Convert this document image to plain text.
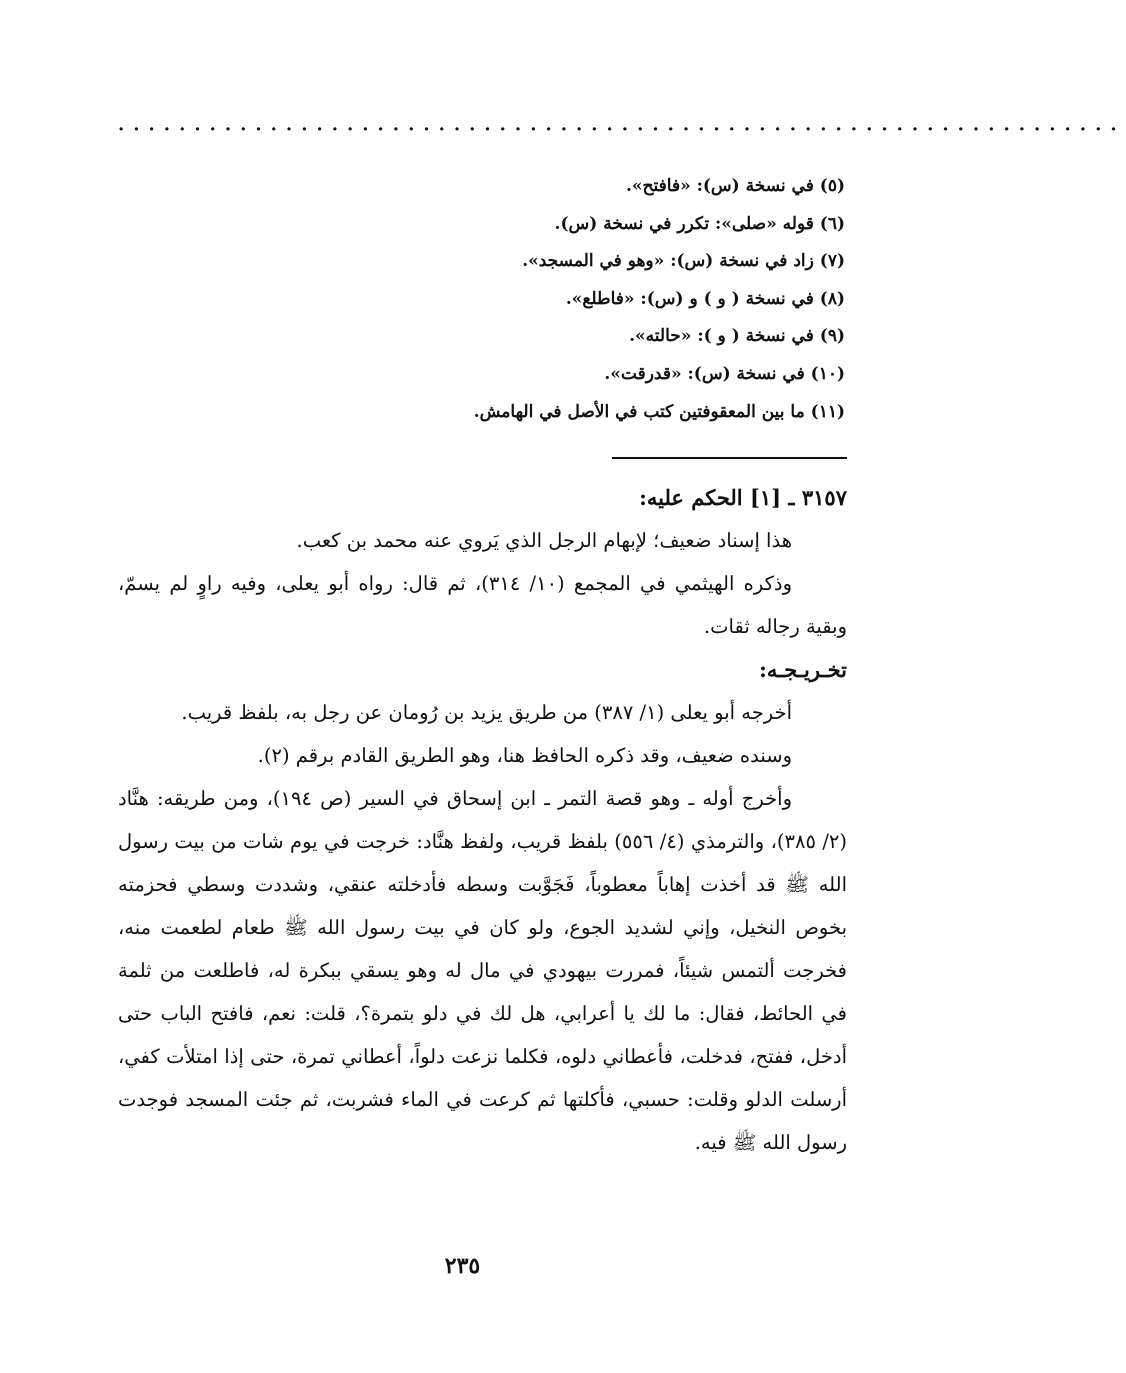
··································································
(٥) في نسخة (س): «فافتح».
(٦) قوله «صلى»: تكرر في نسخة (س).
(٧) زاد في نسخة (س): «وهو في المسجد».
(٨) في نسخة ( و ) و (س): «فاطلع».
(٩) في نسخة ( و ): «حالته».
(١٠) في نسخة (س): «قدرقت».
(١١) ما بين المعقوفتين كتب في الأصل في الهامش.

٣١٥٧ ـ [١] الحكم عليه:

هذا إسناد ضعيف؛ لإبهام الرجل الذي يَروي عنه محمد بن كعب.

وذكره الهيثمي في المجمع (١٠/ ٣١٤)، ثم قال: رواه أبو يعلى، وفيه راوٍ لم يسمّ، وبقية رجاله ثقات.

تخـريـجـه:

أخرجه أبو يعلى (١/ ٣٨٧) من طريق يزيد بن رُومان عن رجل به، بلفظ قريب.

وسنده ضعيف، وقد ذكره الحافظ هنا، وهو الطريق القادم برقم (٢).

وأخرج أوله ـ وهو قصة التمر ـ ابن إسحاق في السير (ص ١٩٤)، ومن طريقه: هنَّاد (٢/ ٣٨٥)، والترمذي (٤/ ٥٥٦) بلفظ قريب، ولفظ هنَّاد: خرجت في يوم شات من بيت رسول الله ﷺ قد أخذت إهاباً معطوباً، فَجَوَّبت وسطه فأدخلته عنقي، وشددت وسطي فحزمته بخوص النخيل، وإني لشديد الجوع، ولو كان في بيت رسول الله ﷺ طعام لطعمت منه، فخرجت ألتمس شيئاً، فمررت بيهودي في مال له وهو يسقي ببكرة له، فاطلعت من ثلمة في الحائط، فقال: ما لك يا أعرابي، هل لك في دلو بتمرة؟، قلت: نعم، فافتح الباب حتى أدخل، ففتح، فدخلت، فأعطاني دلوه، فكلما نزعت دلواً، أعطاني تمرة، حتى إذا امتلأت كفي، أرسلت الدلو وقلت: حسبي، فأكلتها ثم كرعت في الماء فشربت، ثم جئت المسجد فوجدت رسول الله ﷺ فيه.

٢٣٥
